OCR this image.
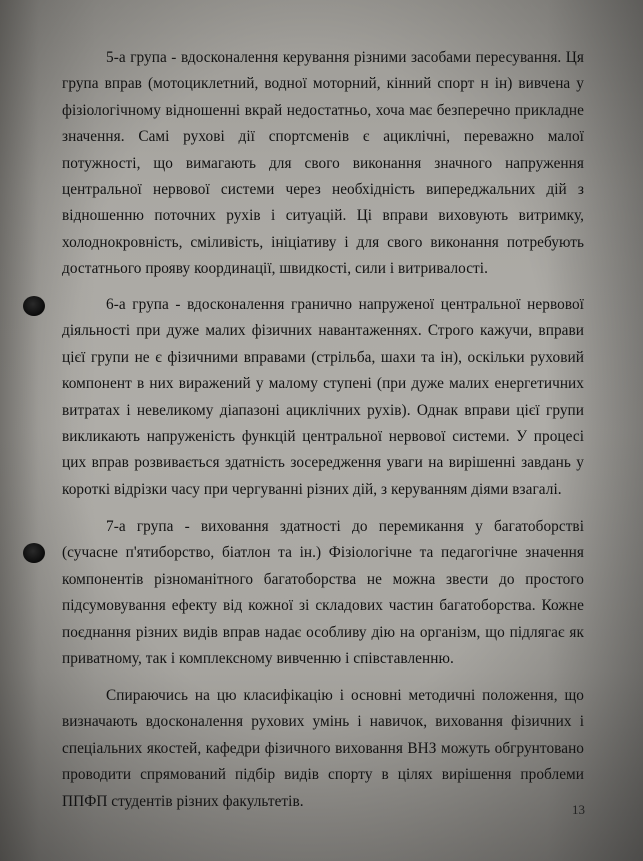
5-а група - вдосконалення керування різними засобами пересування. Ця група вправ (мотоциклетний, водної моторний, кінний спорт н ін) вивчена у фізіологічному відношенні вкрай недостатньо, хоча має безперечно прикладне значення. Самі рухові дії спортсменів є ациклічні, переважно малої потужності, що вимагають для свого виконання значного напруження центральної нервової системи через необхідність випереджальних дій з відношенню поточних рухів і ситуацій. Ці вправи виховують витримку, холоднокровність, сміливість, ініціативу і для свого виконання потребують достатнього прояву координації, швидкості, сили і витривалості.

6-а група - вдосконалення гранично напруженої центральної нервової діяльності при дуже малих фізичних навантаженнях. Строго кажучи, вправи цієї групи не є фізичними вправами (стрільба, шахи та ін), оскільки руховий компонент в них виражений у малому ступені (при дуже малих енергетичних витратах і невеликому діапазоні ациклічних рухів). Однак вправи цієї групи викликають напруженість функцій центральної нервової системи. У процесі цих вправ розвивається здатність зосередження уваги на вирішенні завдань у короткі відрізки часу при чергуванні різних дій, з керуванням діями взагалі.

7-а група - виховання здатності до перемикання у багатоборстві (сучасне п'ятиборство, біатлон та ін.) Фізіологічне та педагогічне значення компонентів різноманітного багатоборства не можна звести до простого підсумовування ефекту від кожної зі складових частин багатоборства. Кожне поєднання різних видів вправ надає особливу дію на організм, що підлягає як приватному, так і комплексному вивченню і співставленню.

Спираючись на цю класифікацію і основні методичні положення, що визначають вдосконалення рухових умінь і навичок, виховання фізичних і спеціальних якостей, кафедри фізичного виховання ВНЗ можуть обгрунтовано проводити спрямований підбір видів спорту в цілях вирішення проблеми ППФП студентів різних факультетів.	13
